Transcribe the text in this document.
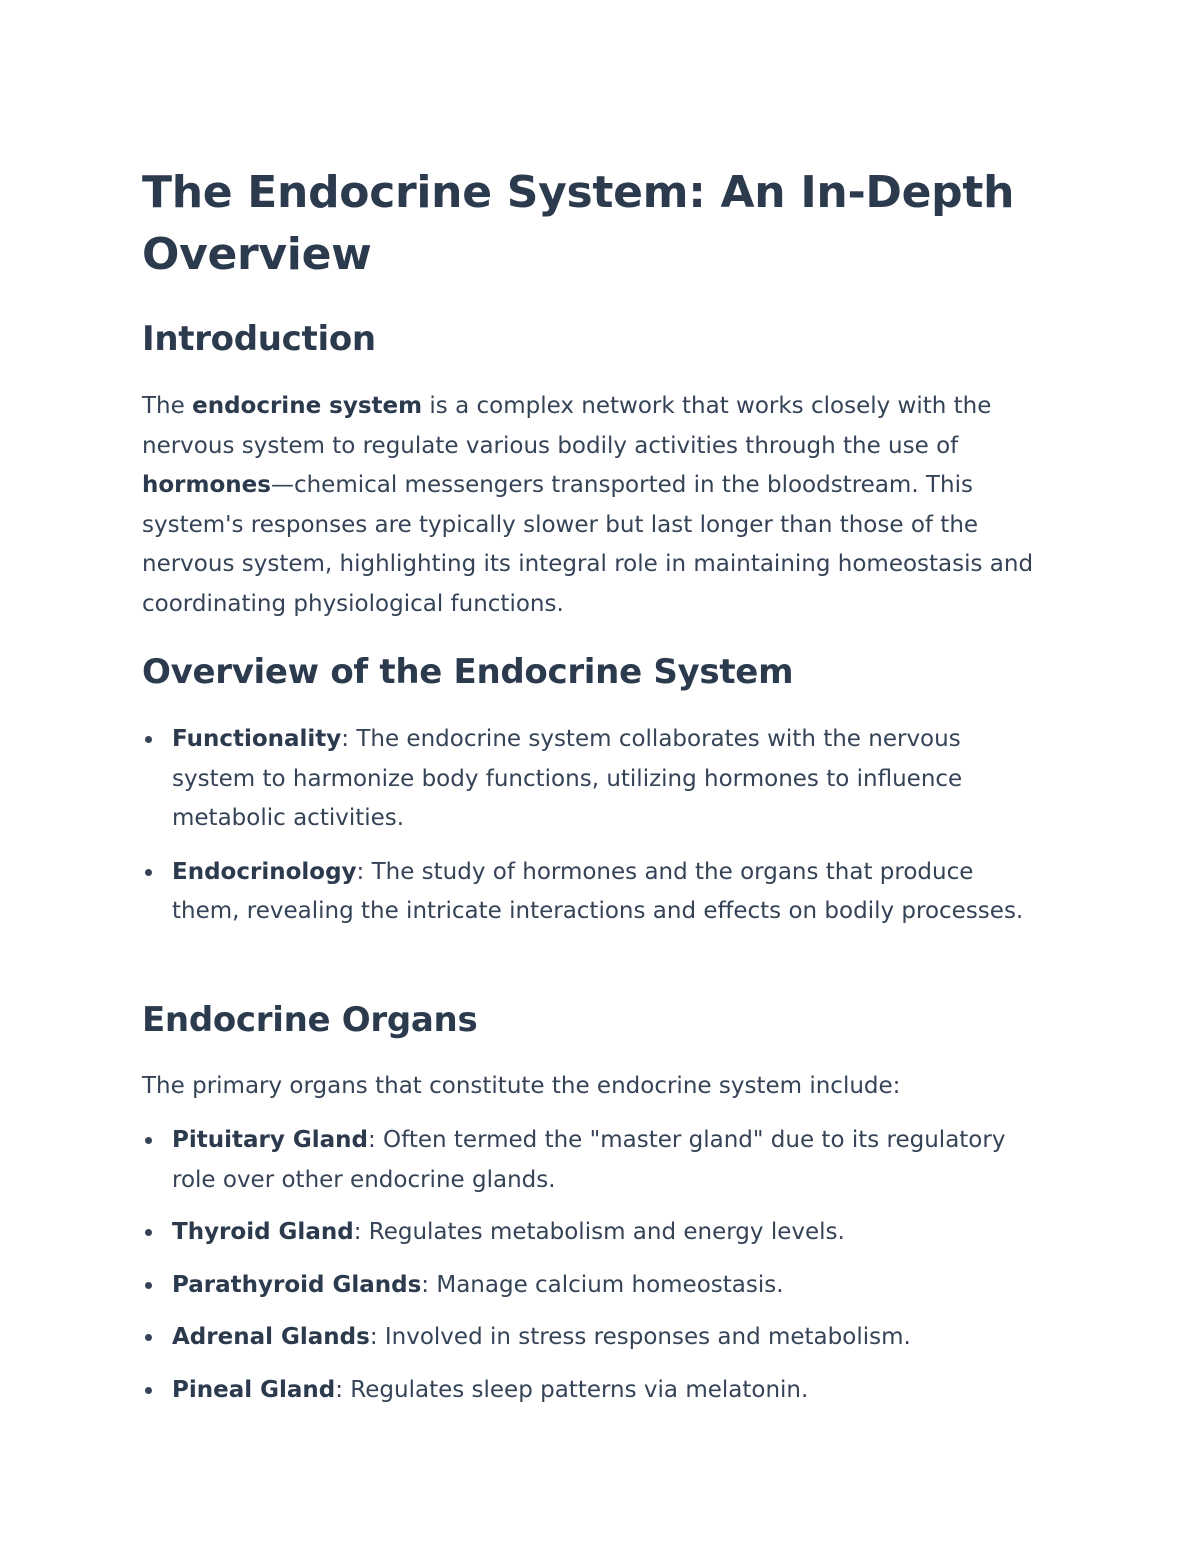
The Endocrine System: An In-Depth Overview
Introduction

The endocrine system is a complex network that works closely with the nervous system to regulate various bodily activities through the use of hormones—chemical messengers transported in the bloodstream. This system's responses are typically slower but last longer than those of the nervous system, highlighting its integral role in maintaining homeostasis and coordinating physiological functions.

Overview of the Endocrine System
Functionality: The endocrine system collaborates with the nervous system to harmonize body functions, utilizing hormones to influence metabolic activities.
Endocrinology: The study of hormones and the organs that produce them, revealing the intricate interactions and effects on bodily processes.
Endocrine Organs

The primary organs that constitute the endocrine system include:

Pituitary Gland: Often termed the "master gland" due to its regulatory role over other endocrine glands.
Thyroid Gland: Regulates metabolism and energy levels.
Parathyroid Glands: Manage calcium homeostasis.
Adrenal Glands: Involved in stress responses and metabolism.
Pineal Gland: Regulates sleep patterns via melatonin.
